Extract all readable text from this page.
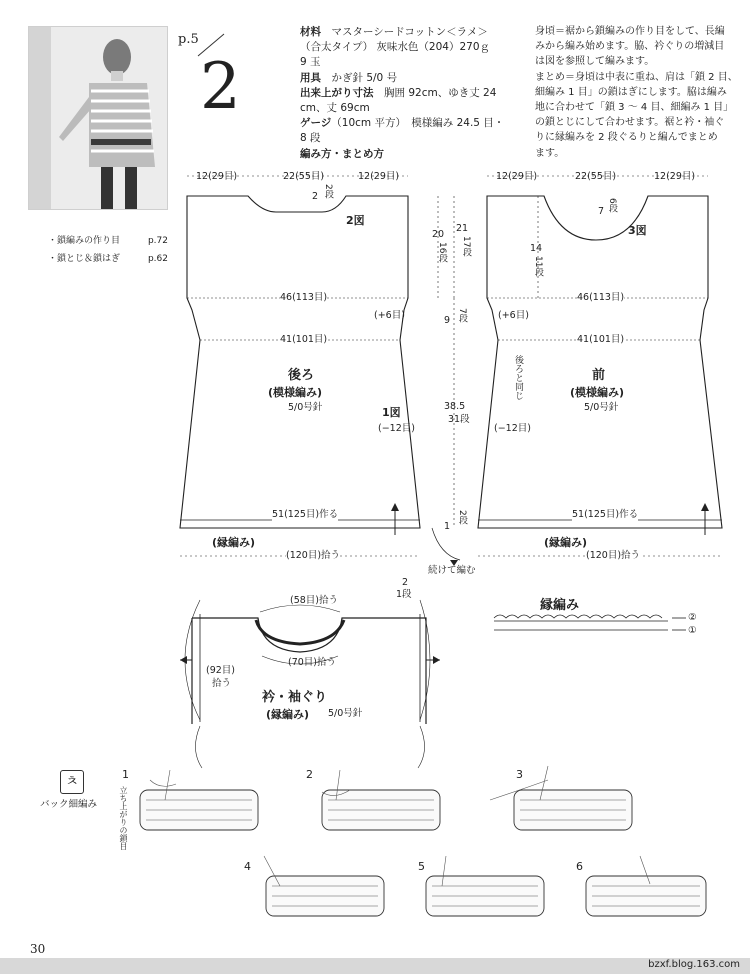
p.5
2
材料　 マスターシードコットン＜ラメ＞
（合太タイプ） 灰味水色（204）270ｇ
9 玉
用具　 かぎ針 5/0 号
出来上がり寸法　 胸囲 92cm、ゆき丈 24
cm、丈 69cm
ゲージ（10cm 平方）　模様編み 24.5 目・
8 段
編み方・まとめ方
身頃＝裾から鎖編みの作り目をして、長編
みから編み始めます。脇、衿ぐりの増減目
は図を参照して編みます。
まとめ＝身頃は中表に重ね、肩は「鎖 2 目、
細編み 1 目」の鎖はぎにします。脇は編み
地に合わせて「鎖 3 ～ 4 目、細編み 1 目」
の鎖とじにして合わせます。裾と衿・袖ぐ
りに縁編みを 2 段ぐるりと編んでまとめ
ます。
・鎖編みの作り目	p.72
・鎖とじ＆鎖はぎ	p.62
12(29目)	22(55目)	12(29目)
2 2段
2図
46(113目)
(+6目)
41(101目)
後ろ
(模様編み)
5/0号針	1図
(−12目)
51(125目)作る
(縁編み)
(120目)拾う
20
16段
21
17段
9 7段
38.5
31段
1
2段
続けて編む
12(29目)	22(55目)	12(29目)
7 6段
3図
14
11段
46(113目)
(+6目)
41(101目)
後ろと同じ	前
(模様編み)
5/0号針
(−12目)
51(125目)作る
(縁編み)
(120目)拾う
(58目)拾う
2
段
1
(70目)拾う
(92目)
拾う
衿・袖ぐり
(縁編み) 5/0号針
縁編み
②
①
ㅊ
バック細編み	立ち上がりの鎖目
1	2	3
4	5	6
30
bzxf.blog.163.com
